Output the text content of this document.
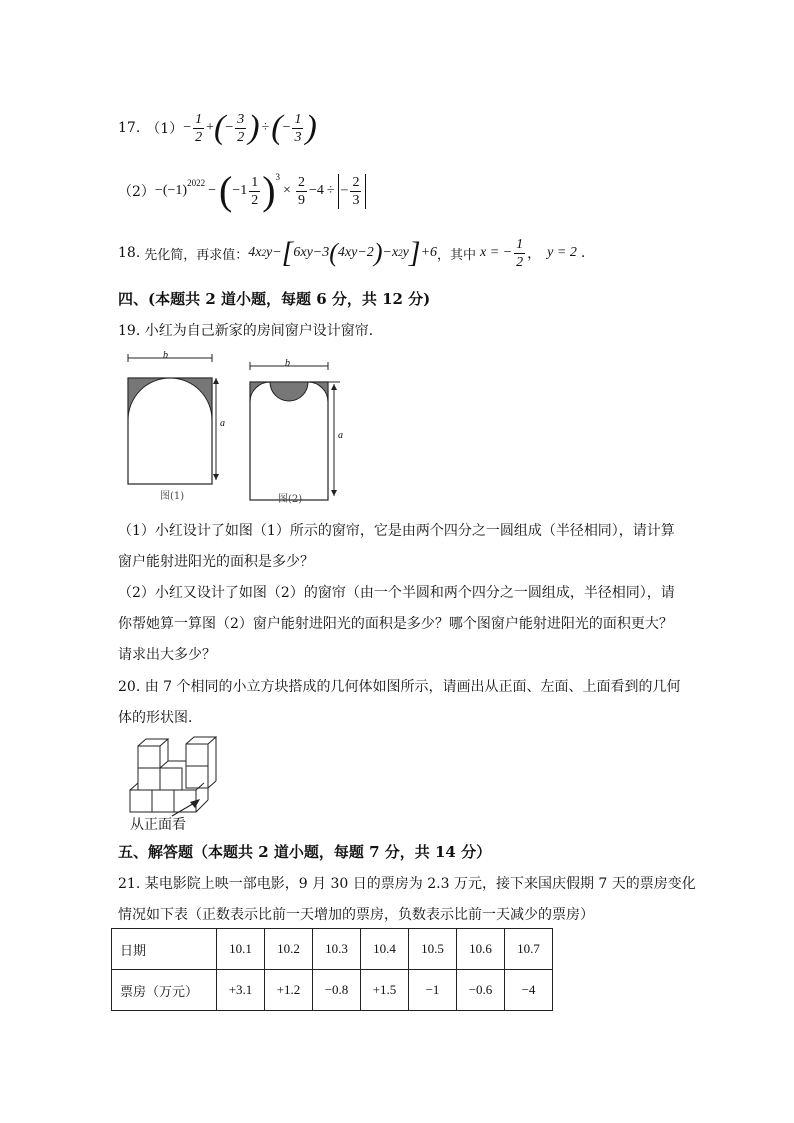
17. $(1) - \frac{1}{2}$ + ( − $\frac{3}{2}$ ) ÷ ( − $\frac{1}{3}$ )
$(2) - (-1)^{2022}$ − ( $-1 \frac{1}{2} )^3$
× $\frac{2}{9} -4$ ÷ − $\frac{2}{3}$
18. 先化简，再求值： 4 x 2 y − [ 6 xy −3 ( 4 xy −2 ) − x 2 y ] +6 ，其中 x = − $\frac{1}{2}$ ， y = 2 .
四、(本题共 2 道小题，每题 6 分，共 12 分)
19. 小红为自己新家的房间窗户设计窗帘．
b
a
图(1)
b
a
图(2)
（1）小红设计了如图（1）所示的窗帘，它是由两个四分之一圆组成（半径相同），请计算
窗户能射进阳光的面积是多少？
（2）小红又设计了如图（2）的窗帘（由一个半圆和两个四分之一圆组成，半径相同），请
你帮她算一算图（2）窗户能射进阳光的面积是多少？哪个图窗户能射进阳光的面积更大？
请求出大多少？
20. 由 7 个相同的小立方块搭成的几何体如图所示，请画出从正面、左面、上面看到的几何
体的形状图．
从正面看
五、解答题（本题共 2 道小题，每题 7 分，共 14 分）
21. 某电影院上映一部电影，9 月 30 日的票房为 2.3 万元，接下来国庆假期 7 天的票房变化
情况如下表（正数表示比前一天增加的票房，负数表示比前一天减少的票房）
日期	10.1	10.2	10.3	10.4	10.5	10.6	10.7
票房（万元）	+3.1	+1.2	−0.8	+1.5	−1	−0.6	−4
